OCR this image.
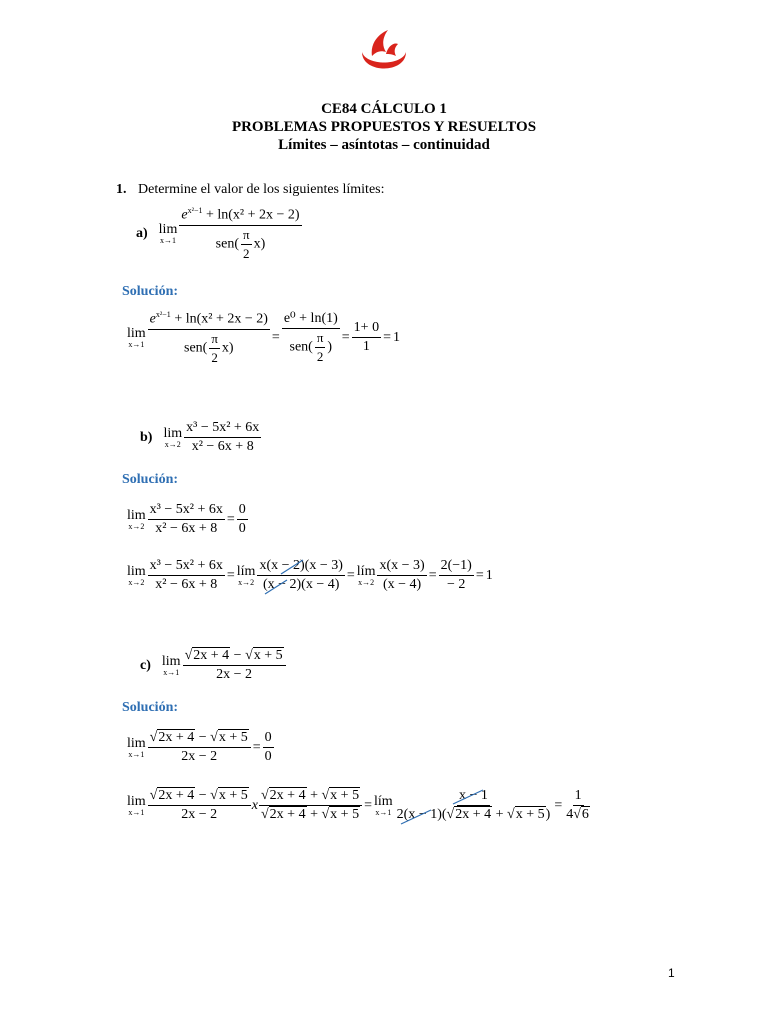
CE84 CÁLCULO 1
PROBLEMAS PROPUESTOS Y RESUELTOS
Límites – asíntotas – continuidad
1. Determine el valor de los siguientes límites:
a) lim
$x\to 1 \frac{e^{x^2-1} + \ln(x^2 + 2x - 2)}{sen( \frac{\pi}{2} x)}$
Solución:
lim
$x\to 1 \frac{e^{x^2-1} + \ln(x^2 + 2x - 2)}{sen( \frac{\pi}{2} x)} = \frac{\text{e⁰ + ln(1)}}{sen( \frac{\pi}{2} )} = \frac{1+ 0}{1} = 1$
b) lim
$x\to 2 \frac{\text{x³ − 5x² + 6x}}{\text{x² − 6x + 8}}$
Solución:
lim
$x\to 2 \frac{\text{x³ − 5x² + 6x}}{\text{x² − 6x + 8}} = \frac{0}{0}$
lim
$x\to 2 \frac{\text{x³ − 5x² + 6x}}{\text{x² − 6x + 8}}$ = lím
$x\to 2 \frac{x(x - 2)(x - 3)}{(x - 2)(x - 4)}$ = lím
$x\to 2 \frac{x(x - 3)}{(x - 4)} = \frac{2(-1)}{- 2} = 1$
c) lim
$x\to 1 \frac{√2x + 4 - √x + 5}{2x - 2}$
Solución:
lim
$x\to 1 \frac{√2x + 4 - √x + 5}{2x - 2} = \frac{0}{0}$
lim
$x\to 1 \frac{√2x + 4 - √x + 5}{2x - 2}$ x $\frac{√2x + 4 + √x + 5}{√2x + 4 + √x + 5}$ = lím
$x\to 1 \frac{x - 1}{2(x - 1)(√2x + 4 + √x + 5)} = \frac{1}{4√6}$
1
